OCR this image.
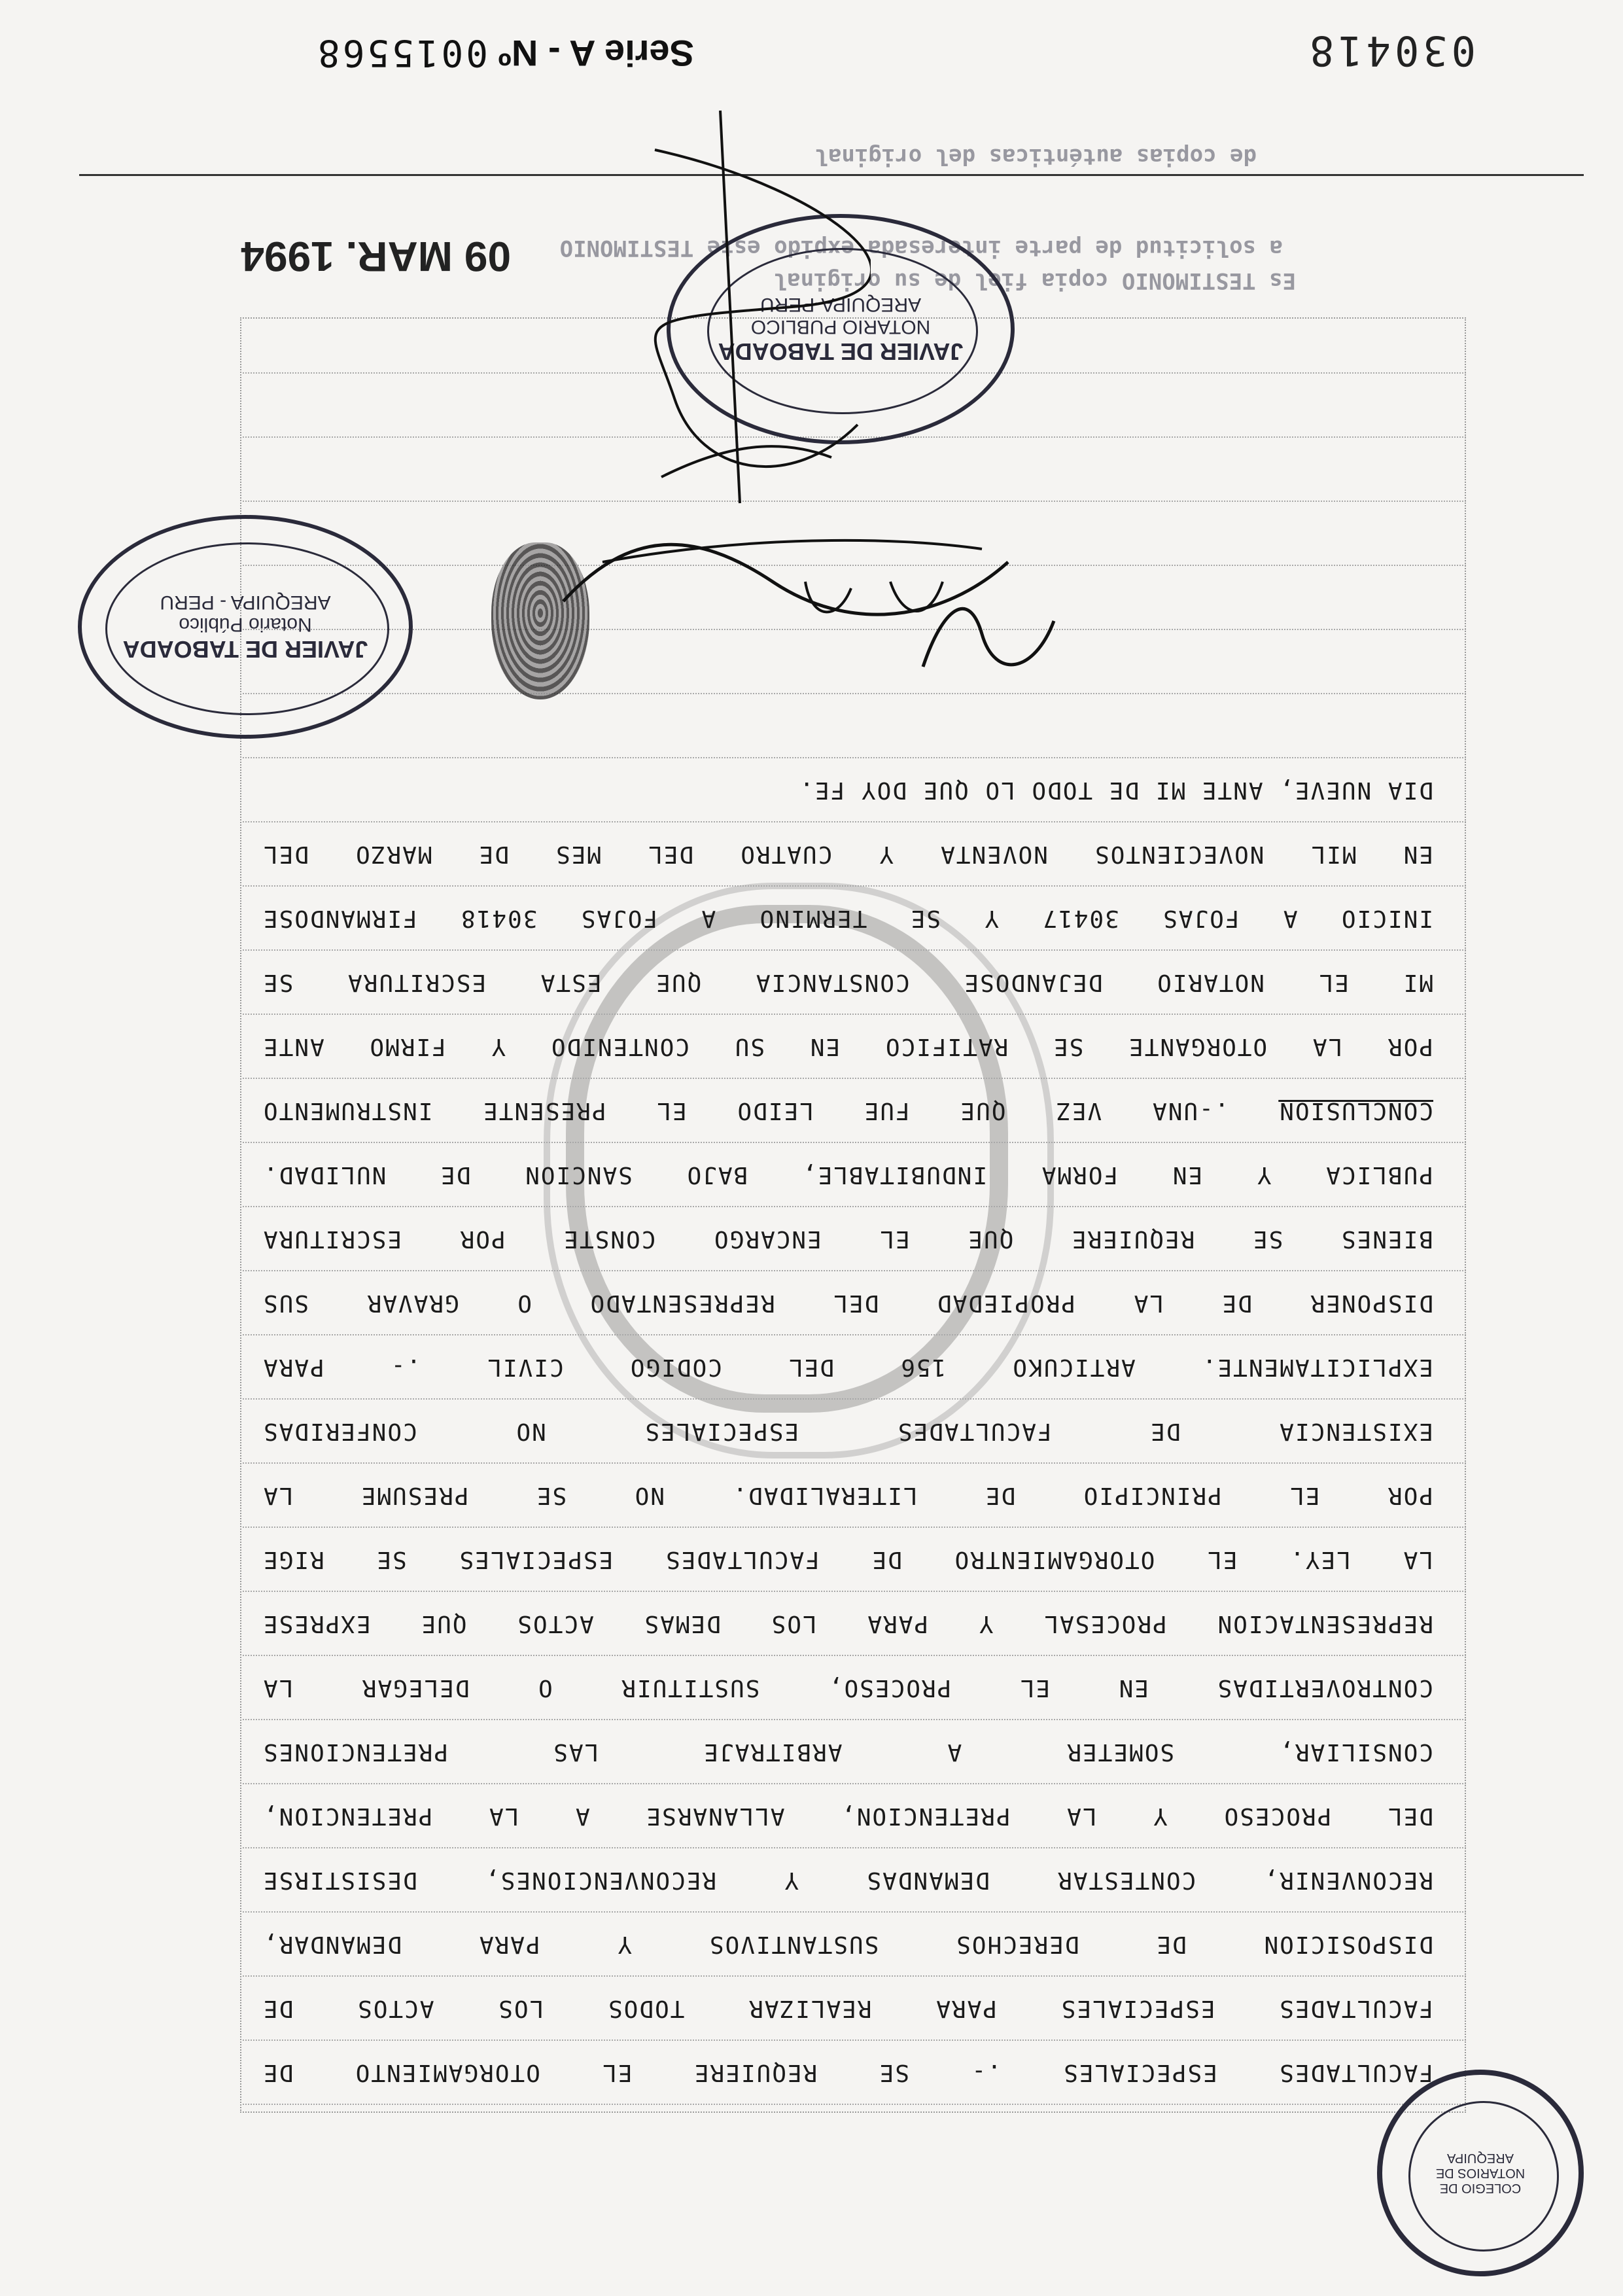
FACULTADES ESPECIALES .- SE REQUIERE EL OTORGAMIENTO DE
FACULTADES ESPECIALES PARA REALIZAR TODOS LOS ACTOS DE
DISPOSICION DE DERECHOS SUSTANTIVOS Y PARA DEMANDAR,
RECONVENIR, CONTESTAR DEMANDAS Y RECONVENCIONES, DESISTIRSE
DEL PROCESO Y LA PRETENCION, ALLANARSE A LA PRETENCION,
CONSILIAR, SOMETER A ARBITRAJE LAS PRETENCIONES
CONTROVERTIDAS EN EL PROCESO, SUSTITUIR O DELEGAR LA
REPRESENTACION PROCESAL Y PARA LOS DEMAS ACTOS QUE EXPRESE
LA LEY. EL OTORGAMIENTRO DE FACULTADES ESPECIALES SE RIGE
POR EL PRINCIPIO DE LITERALIDAD. NO SE PRESUME LA
EXISTENCIA DE FACULTADES ESPECIALES NO CONFERIDAS
EXPLICITAMENTE. ARTICUKO 156 DEL CODIGO CIVIL .- PARA
DISPONER DE LA PROPIEDAD DEL REPRESENTADO O GRAVAR SUS
BIENES SE REQUIERE QUE EL ENCARGO CONSTE POR ESCRITURA
PUBLICA Y EN FORMA INDUBITABLE, BAJO SANCION DE NULIDAD.
CONCLUSION .-UNA VEZ QUE FUE LEIDO EL PRESENTE INSTRUMENTO
POR LA OTORGANTE SE RATIFICO EN SU CONTENIDO Y FIRMO ANTE
MI EL NOTARIO DEJANDOSE CONSTANCIA QUE ESTA ESCRITURA SE
INICIO A FOJAS 30417 Y SE TERMINO A FOJAS 30418 FIRMANDOSE
EN MIL NOVECIENTOS NOVENTA Y CUATRO DEL MES DE MARZO DEL
DIA NUEVE, ANTE MI DE TODO LO QUE DOY FE.
Serie A - Nº 0015568	030418
JAVIER DE TABOADA
Notario Público
AREQUIPA - PERU
JAVIER DE TABOADA
NOTARIO PUBLICO
AREQUIPA-PERU
09 MAR. 1994
de copias auténticas del original
Es TESTIMONIO copia fiel de su original
a solicitud de parte interesada expido este TESTIMONIO
COLEGIO DE NOTARIOS DE AREQUIPA
